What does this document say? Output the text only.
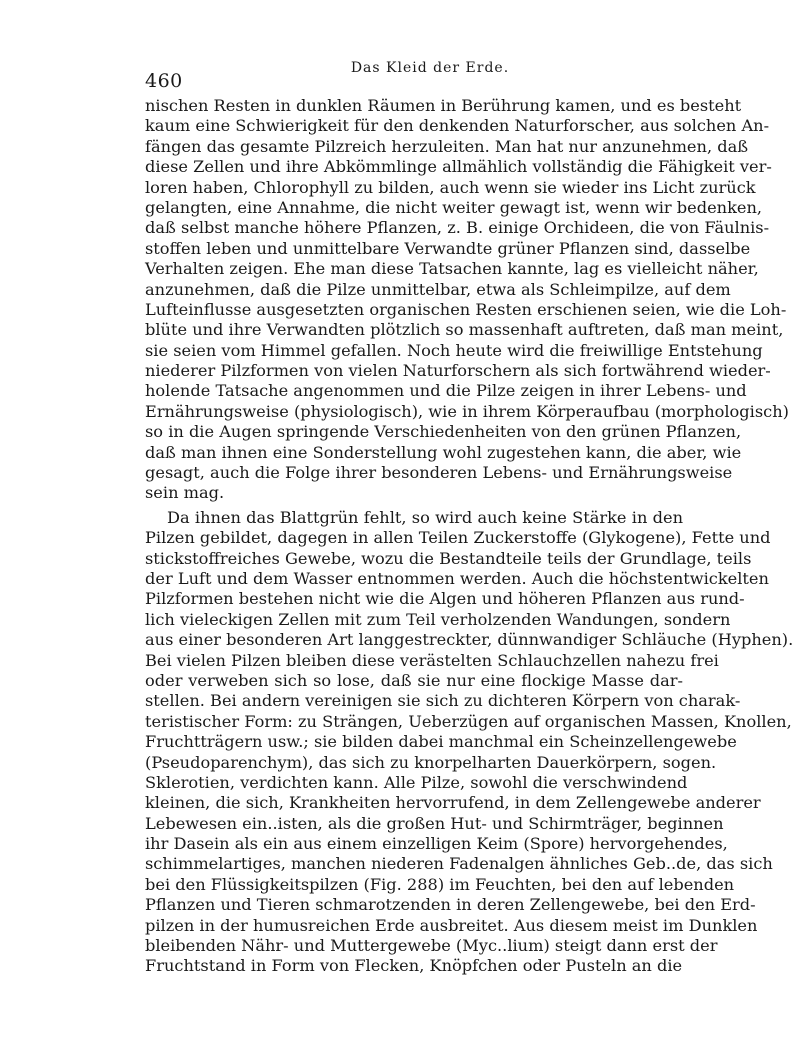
Das Kleid der Erde.
460
nischen Resten in dunklen Räumen in Berührung kamen, und es besteht
kaum eine Schwierigkeit für den denkenden Naturforscher, aus solchen An-
fängen das gesamte Pilzreich herzuleiten. Man hat nur anzunehmen, daß
diese Zellen und ihre Abkömmlinge allmählich vollständig die Fähigkeit ver-
loren haben, Chlorophyll zu bilden, auch wenn sie wieder ins Licht zurück
gelangten, eine Annahme, die nicht weiter gewagt ist, wenn wir bedenken,
daß selbst manche höhere Pflanzen, z. B. einige Orchideen, die von Fäulnis-
stoffen leben und unmittelbare Verwandte grüner Pflanzen sind, dasselbe
Verhalten zeigen. Ehe man diese Tatsachen kannte, lag es vielleicht näher,
anzunehmen, daß die Pilze unmittelbar, etwa als Schleimpilze, auf dem
Lufteinflusse ausgesetzten organischen Resten erschienen seien, wie die Loh-
blüte und ihre Verwandten plötzlich so massenhaft auftreten, daß man meint,
sie seien vom Himmel gefallen. Noch heute wird die freiwillige Entstehung
niederer Pilzformen von vielen Naturforschern als sich fortwährend wieder-
holende Tatsache angenommen und die Pilze zeigen in ihrer Lebens- und
Ernährungsweise (physiologisch), wie in ihrem Körperaufbau (morphologisch)
so in die Augen springende Verschiedenheiten von den grünen Pflanzen,
daß man ihnen eine Sonderstellung wohl zugestehen kann, die aber, wie
gesagt, auch die Folge ihrer besonderen Lebens- und Ernährungsweise
sein mag.
Da ihnen das Blattgrün fehlt, so wird auch keine Stärke in den
Pilzen gebildet, dagegen in allen Teilen Zuckerstoffe (Glykogene), Fette und
stickstoffreiches Gewebe, wozu die Bestandteile teils der Grundlage, teils
der Luft und dem Wasser entnommen werden. Auch die höchstentwickelten
Pilzformen bestehen nicht wie die Algen und höheren Pflanzen aus rund-
lich vieleckigen Zellen mit zum Teil verholzenden Wandungen, sondern
aus einer besonderen Art langgestreckter, dünnwandiger Schläuche (Hyphen).
Bei vielen Pilzen bleiben diese verästelten Schlauchzellen nahezu frei
oder verweben sich so lose, daß sie nur eine flockige Masse dar-
stellen. Bei andern vereinigen sie sich zu dichteren Körpern von charak-
teristischer Form: zu Strängen, Ueberzügen auf organischen Massen, Knollen,
Fruchtträgern usw.; sie bilden dabei manchmal ein Scheinzellengewebe
(Pseudoparenchym), das sich zu knorpelharten Dauerkörpern, sogen.
Sklerotien, verdichten kann. Alle Pilze, sowohl die verschwindend
kleinen, die sich, Krankheiten hervorrufend, in dem Zellengewebe anderer
Lebewesen ein..isten, als die großen Hut- und Schirmträger, beginnen
ihr Dasein als ein aus einem einzelligen Keim (Spore) hervorgehendes,
schimmelartiges, manchen niederen Fadenalgen ähnliches Geb..de, das sich
bei den Flüssigkeitspilzen (Fig. 288) im Feuchten, bei den auf lebenden
Pflanzen und Tieren schmarotzenden in deren Zellengewebe, bei den Erd-
pilzen in der humusreichen Erde ausbreitet. Aus diesem meist im Dunklen
bleibenden Nähr- und Muttergewebe (Myc..lium) steigt dann erst der
Fruchtstand in Form von Flecken, Knöpfchen oder Pusteln an die
